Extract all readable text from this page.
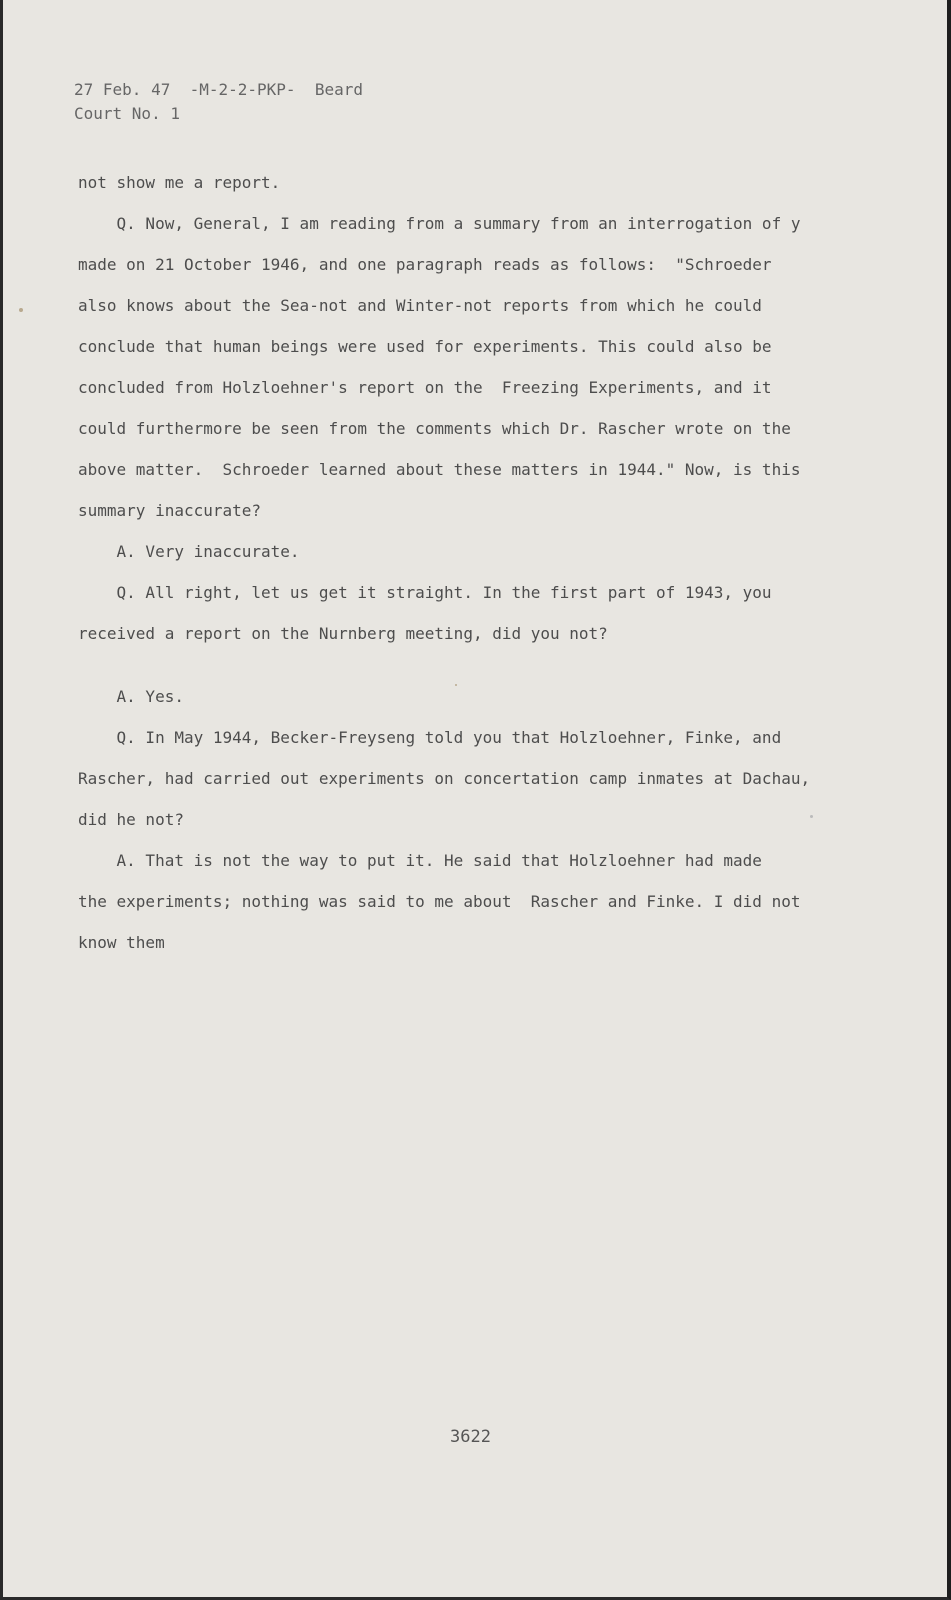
27 Feb. 47  -M-2-2-PKP-  Beard
Court No. 1
not show me a report.
Q. Now, General, I am reading from a summary from an interrogation of y
made on 21 October 1946, and one paragraph reads as follows:  "Schroeder
also knows about the Sea-not and Winter-not reports from which he could
conclude that human beings were used for experiments. This could also be
concluded from Holzloehner's report on the  Freezing Experiments, and it
could furthermore be seen from the comments which Dr. Rascher wrote on the
above matter.  Schroeder learned about these matters in 1944." Now, is this
summary inaccurate?
A. Very inaccurate.
Q. All right, let us get it straight. In the first part of 1943, you
received a report on the Nurnberg meeting, did you not?
A. Yes.
Q. In May 1944, Becker-Freyseng told you that Holzloehner, Finke, and
Rascher, had carried out experiments on concertation camp inmates at Dachau,
did he not?
A. That is not the way to put it. He said that Holzloehner had made
the experiments; nothing was said to me about  Rascher and Finke. I did not
know them
3622
